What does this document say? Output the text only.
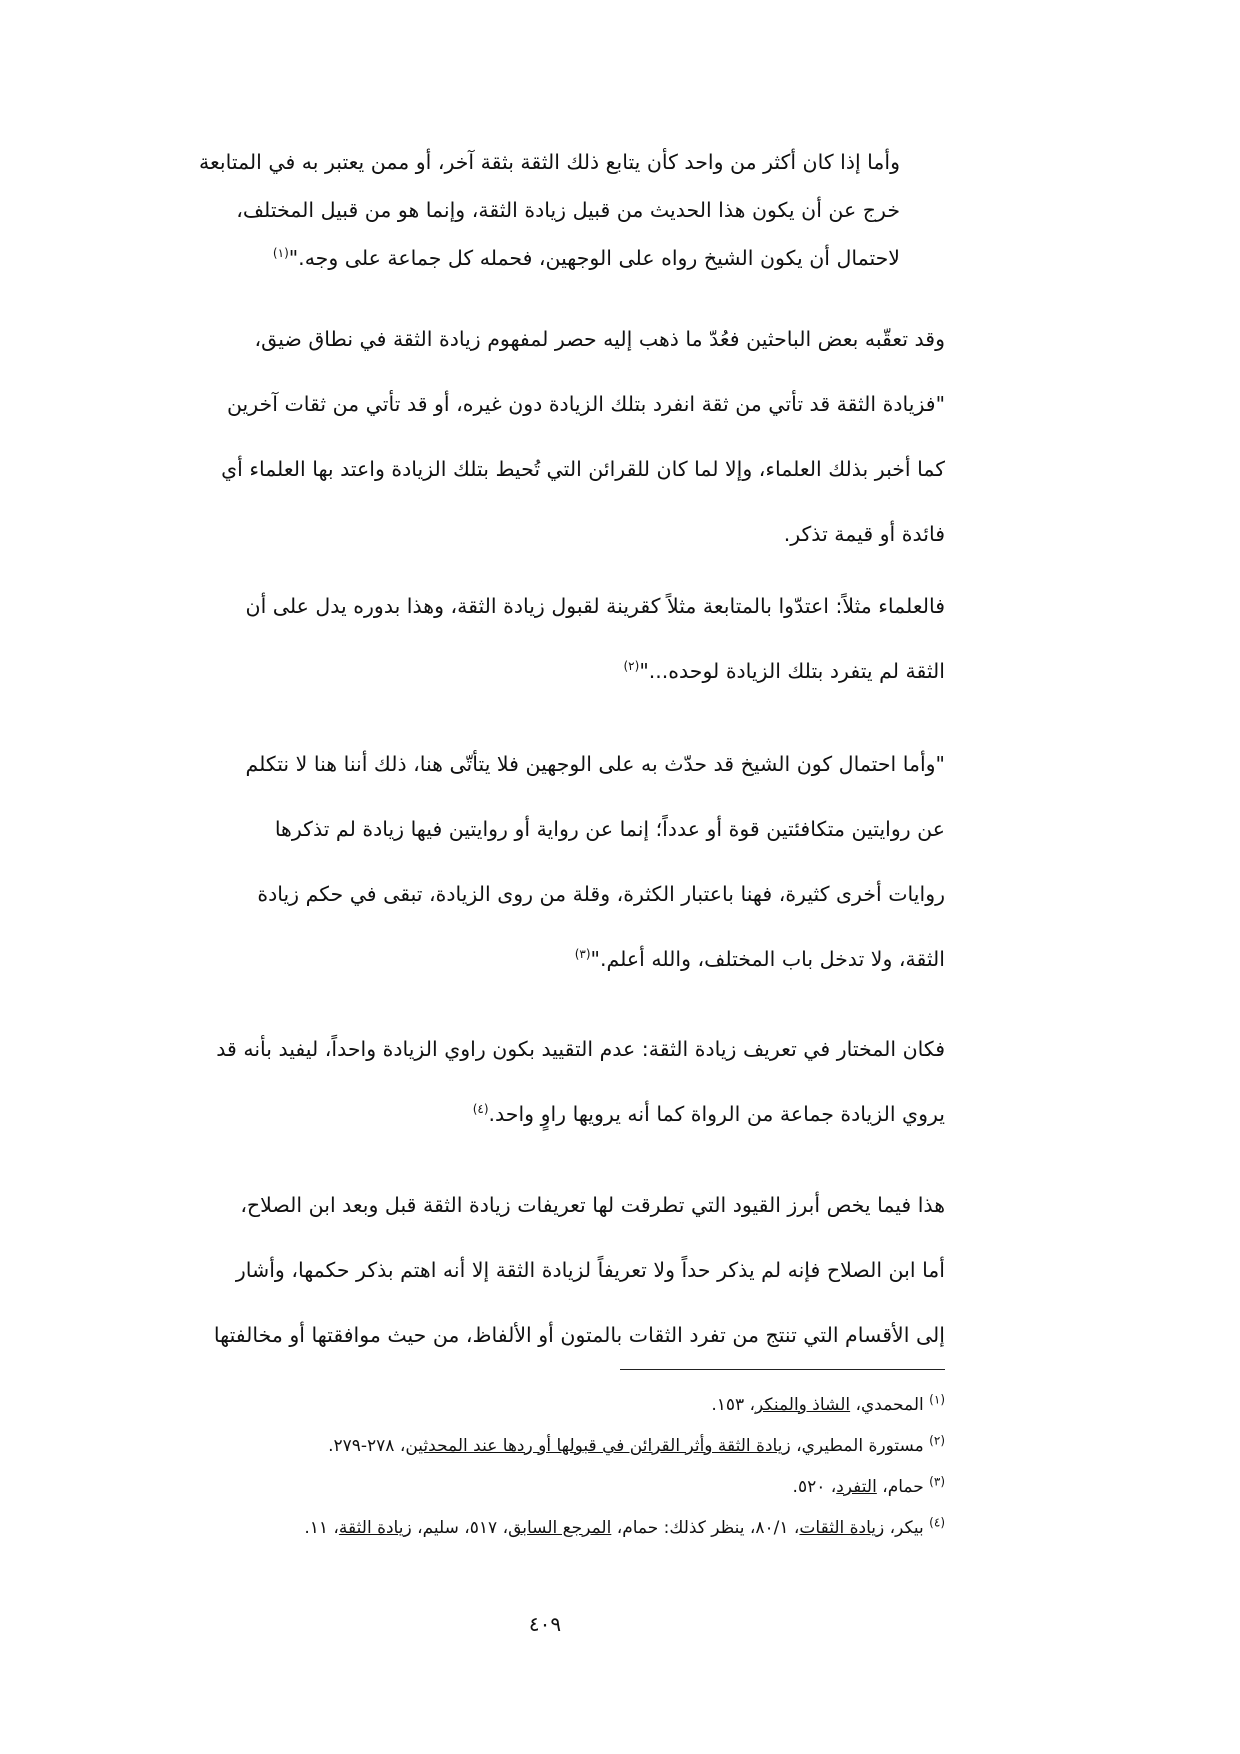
وأما إذا كان أكثر من واحد كأن يتابع ذلك الثقة بثقة آخر، أو ممن يعتبر به في المتابعة
خرج عن أن يكون هذا الحديث من قبيل زيادة الثقة، وإنما هو من قبيل المختلف،
لاحتمال أن يكون الشيخ رواه على الوجهين، فحمله كل جماعة على وجه."$^{(١)}$
وقد تعقّبه بعض الباحثين فعُدّ ما ذهب إليه حصر لمفهوم زيادة الثقة في نطاق ضيق،
"فزيادة الثقة قد تأتي من ثقة انفرد بتلك الزيادة دون غيره، أو قد تأتي من ثقات آخرين
كما أخبر بذلك العلماء، وإلا لما كان للقرائن التي تُحيط بتلك الزيادة واعتد بها العلماء أي
فائدة أو قيمة تذكر.
فالعلماء مثلاً: اعتدّوا بالمتابعة مثلاً كقرينة لقبول زيادة الثقة، وهذا بدوره يدل على أن
الثقة لم يتفرد بتلك الزيادة لوحده..."$^{(٢)}$
"وأما احتمال كون الشيخ قد حدّث به على الوجهين فلا يتأتّى هنا، ذلك أننا هنا لا نتكلم
عن روايتين متكافئتين قوة أو عدداً؛ إنما عن رواية أو روايتين فيها زيادة لم تذكرها
روايات أخرى كثيرة، فهنا باعتبار الكثرة، وقلة من روى الزيادة، تبقى في حكم زيادة
الثقة، ولا تدخل باب المختلف، والله أعلم."$^{(٣)}$
فكان المختار في تعريف زيادة الثقة: عدم التقييد بكون راوي الزيادة واحداً، ليفيد بأنه قد
يروي الزيادة جماعة من الرواة كما أنه يرويها راوٍ واحد.$^{(٤)}$
هذا فيما يخص أبرز القيود التي تطرقت لها تعريفات زيادة الثقة قبل وبعد ابن الصلاح،
أما ابن الصلاح فإنه لم يذكر حداً ولا تعريفاً لزيادة الثقة إلا أنه اهتم بذكر حكمها، وأشار
إلى الأقسام التي تنتج من تفرد الثقات بالمتون أو الألفاظ، من حيث موافقتها أو مخالفتها
$^{(١)}$ المحمدي، الشاذ والمنكر، ١٥٣.
$^{(٢)}$ مستورة المطيري، زيادة الثقة وأثر القرائن في قبولها أو ردها عند المحدثين، ٢٧٨-٢٧٩.
$^{(٣)}$ حمام، التفرد، ٥٢٠.
$^{(٤)}$ بيكر، زيادة الثقات، ٨٠/١، ينظر كذلك: حمام، المرجع السابق، ٥١٧، سليم، زيادة الثقة، ١١.
٤٠٩
